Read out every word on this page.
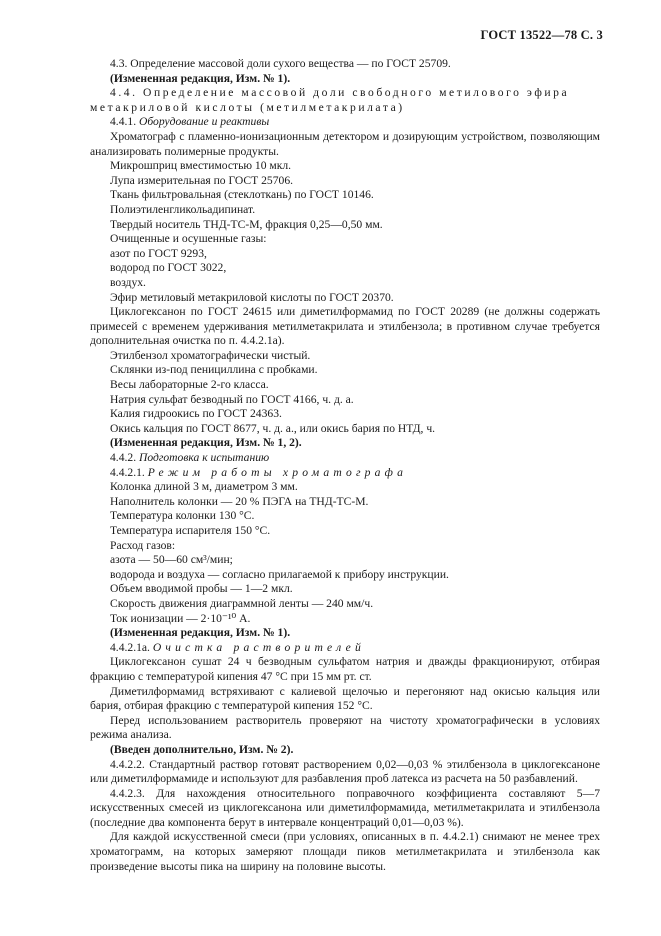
ГОСТ 13522—78 С. 3

4.3. Определение массовой доли сухого вещества — по ГОСТ 25709.

(Измененная редакция, Изм. № 1).

4.4. Определение массовой доли свободного метилового эфира

метакриловой кислоты (метилметакрилата)

4.4.1. Оборудование и реактивы

Хроматограф с пламенно-ионизационным детектором и дозирующим устройством, позволяющим анализировать полимерные продукты.

Микрошприц вместимостью 10 мкл.

Лупа измерительная по ГОСТ 25706.

Ткань фильтровальная (стеклоткань) по ГОСТ 10146.

Полиэтиленгликольадипинат.

Твердый носитель ТНД-ТС-М, фракция 0,25—0,50 мм.

Очищенные и осушенные газы:

азот по ГОСТ 9293,

водород по ГОСТ 3022,

воздух.

Эфир метиловый метакриловой кислоты по ГОСТ 20370.

Циклогексанон по ГОСТ 24615 или диметилформамид по ГОСТ 20289 (не должны содержать примесей с временем удерживания метилметакрилата и этилбензола; в противном случае требуется дополнительная очистка по п. 4.4.2.1а).

Этилбензол хроматографически чистый.

Склянки из-под пенициллина с пробками.

Весы лабораторные 2-го класса.

Натрия сульфат безводный по ГОСТ 4166, ч. д. а.

Калия гидроокись по ГОСТ 24363.

Окись кальция по ГОСТ 8677, ч. д. а., или окись бария по НТД, ч.

(Измененная редакция, Изм. № 1, 2).

4.4.2. Подготовка к испытанию

4.4.2.1. Режим работы хроматографа

Колонка длиной 3 м, диаметром 3 мм.

Наполнитель колонки — 20 % ПЭГА на ТНД-ТС-М.

Температура колонки 130 °С.

Температура испарителя 150 °С.

Расход газов:

азота — 50—60 см³/мин;

водорода и воздуха — согласно прилагаемой к прибору инструкции.

Объем вводимой пробы — 1—2 мкл.

Скорость движения диаграммной ленты — 240 мм/ч.

Ток ионизации — 2·10⁻¹⁰ А.

(Измененная редакция, Изм. № 1).

4.4.2.1а. Очистка растворителей

Циклогексанон сушат 24 ч безводным сульфатом натрия и дважды фракционируют, отбирая фракцию с температурой кипения 47 °С при 15 мм рт. ст.

Диметилформамид встряхивают с калиевой щелочью и перегоняют над окисью кальция или бария, отбирая фракцию с температурой кипения 152 °С.

Перед использованием растворитель проверяют на чистоту хроматографически в условиях режима анализа.

(Введен дополнительно, Изм. № 2).

4.4.2.2. Стандартный раствор готовят растворением 0,02—0,03 % этилбензола в циклогексаноне или диметилформамиде и используют для разбавления проб латекса из расчета на 50 разбавлений.

4.4.2.3. Для нахождения относительного поправочного коэффициента составляют 5—7 искусственных смесей из циклогексанона или диметилформамида, метилметакрилата и этилбензола (последние два компонента берут в интервале концентраций 0,01—0,03 %).

Для каждой искусственной смеси (при условиях, описанных в п. 4.4.2.1) снимают не менее трех хроматограмм, на которых замеряют площади пиков метилметакрилата и этилбензола как произведение высоты пика на ширину на половине высоты.
